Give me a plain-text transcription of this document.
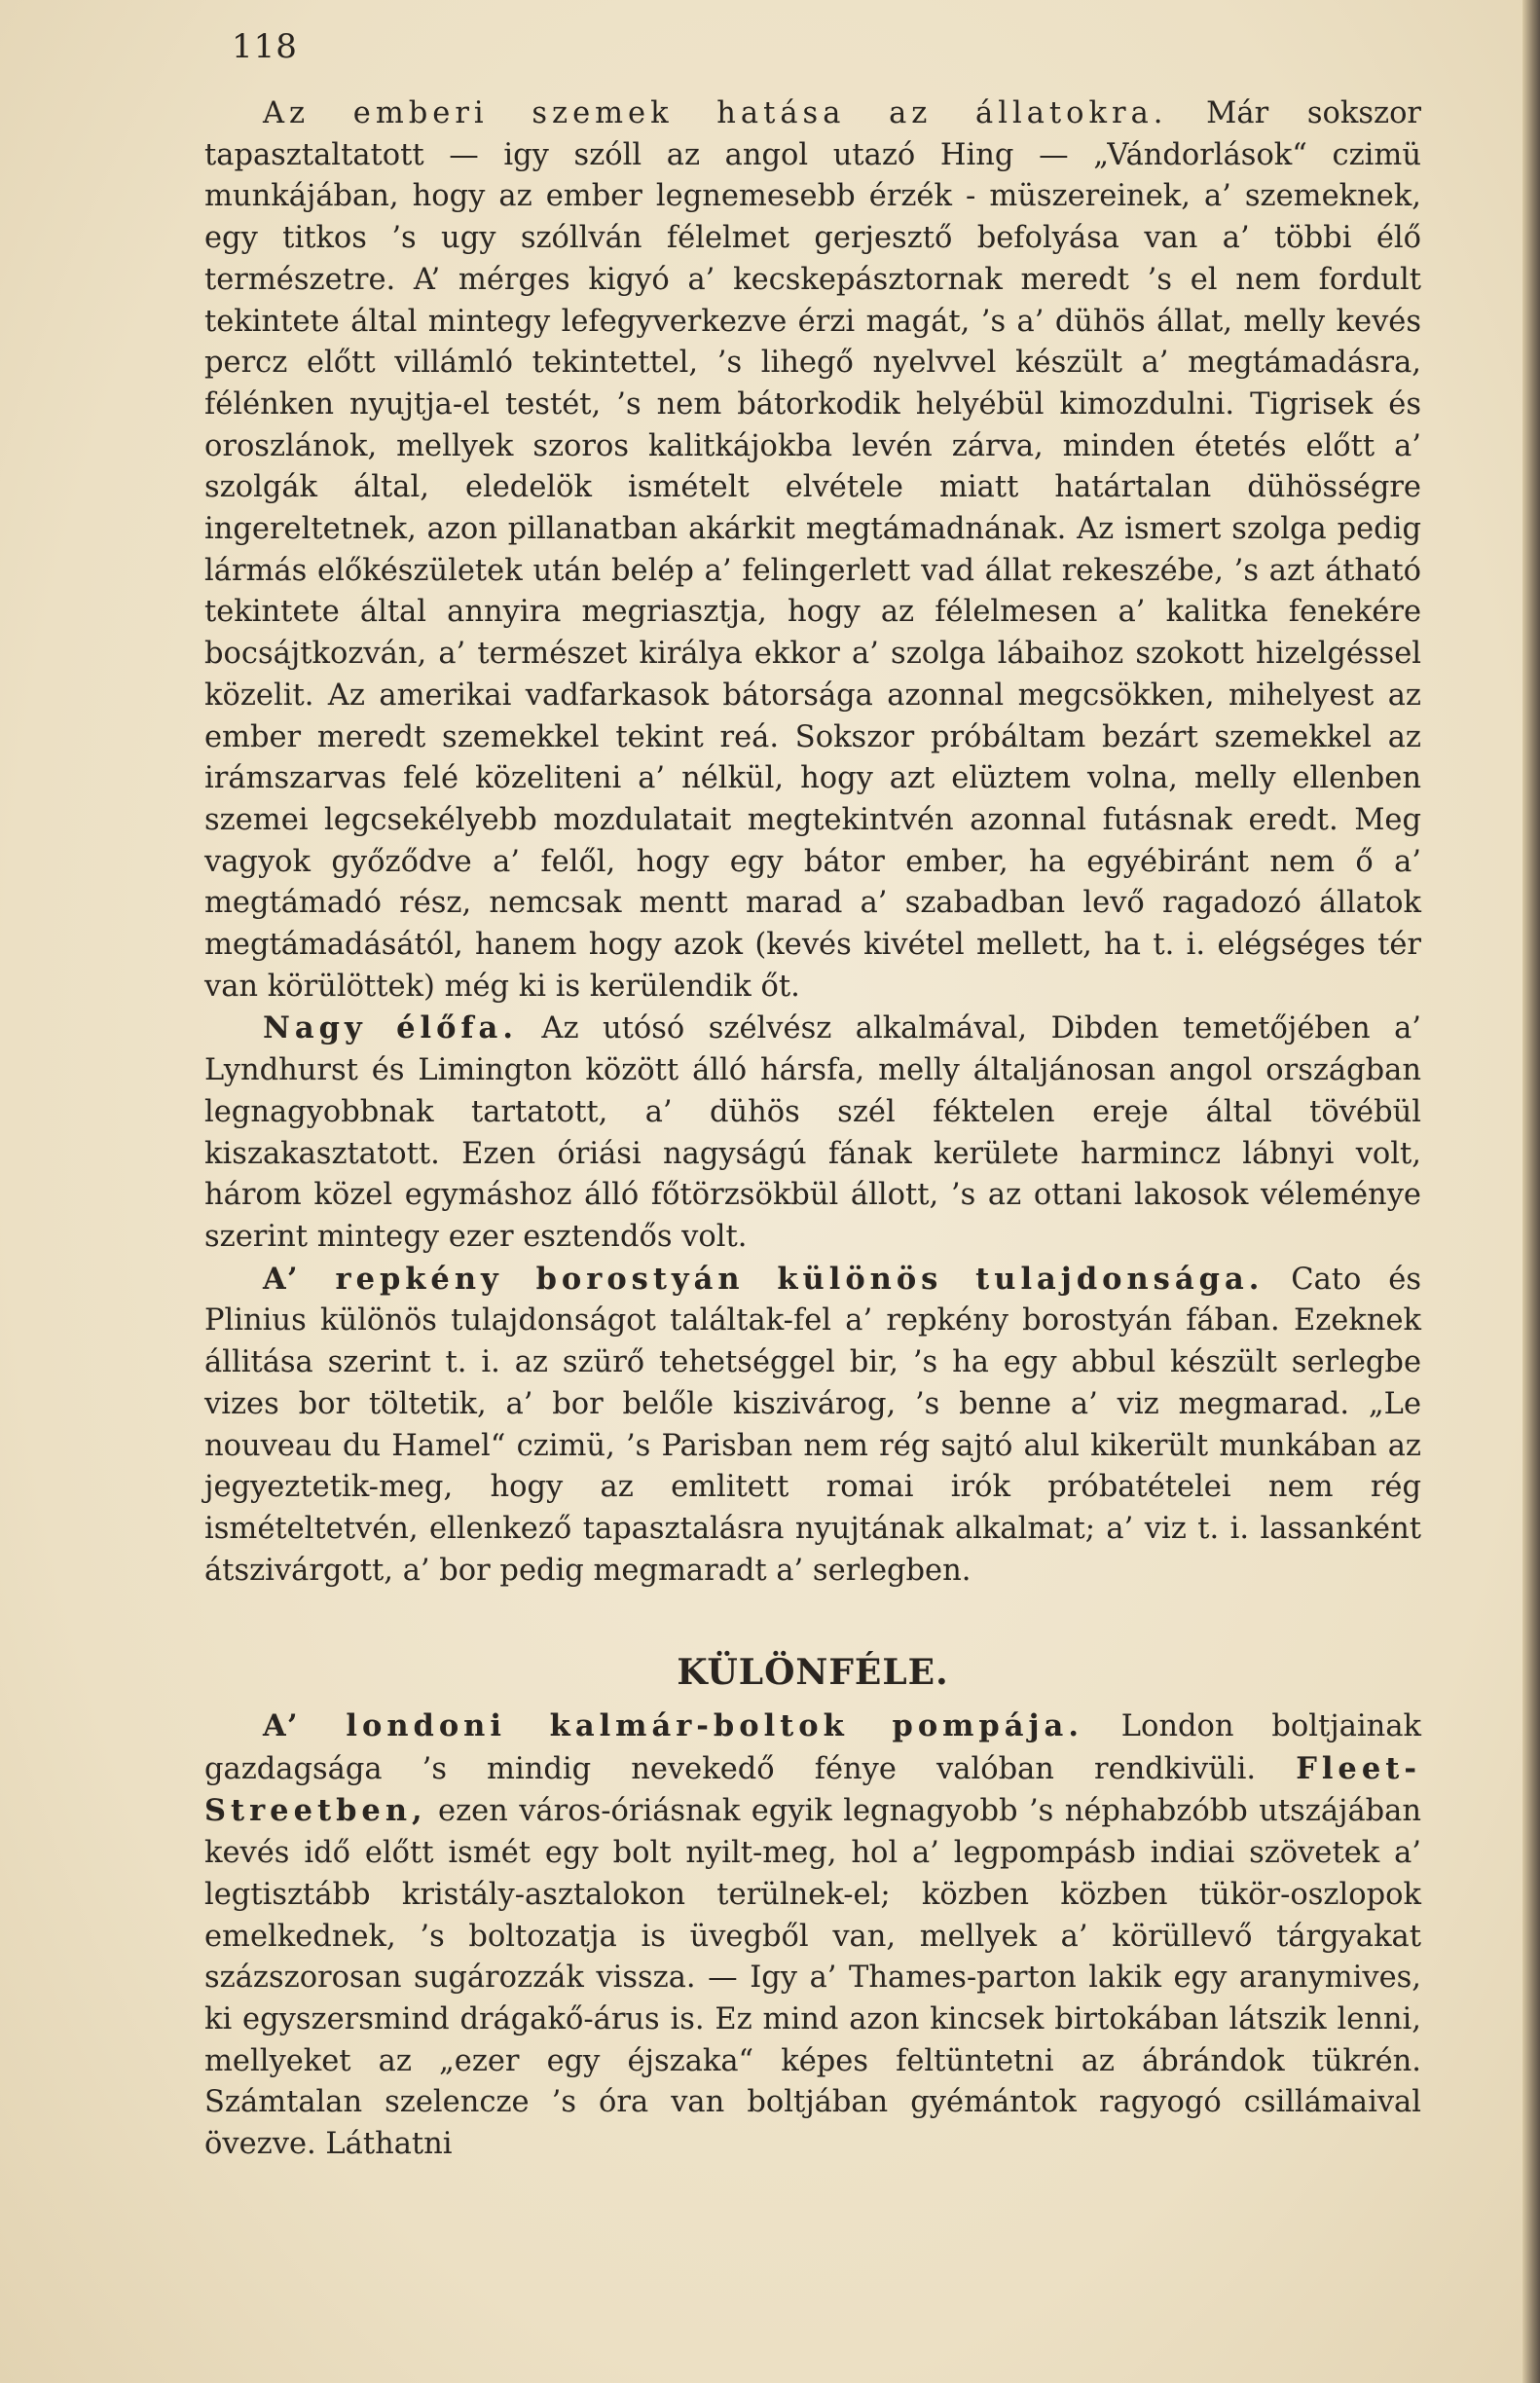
118

Az emberi szemek hatása az állatokra. Már sokszor tapasztaltatott — igy szóll az angol utazó Hing — „Vándorlások“ czimü munkájában, hogy az ember legnemesebb érzék - müszereinek, a’ szemeknek, egy titkos ’s ugy szóllván félelmet gerjesztő befolyása van a’ többi élő természetre. A’ mérges kigyó a’ kecskepásztornak meredt ’s el nem fordult tekintete által mintegy lefegyverkezve érzi magát, ’s a’ dühös állat, melly kevés percz előtt villámló tekintettel, ’s lihegő nyelvvel készült a’ megtámadásra, félénken nyujtja-el testét, ’s nem bátorkodik helyébül kimozdulni. Tigrisek és oroszlánok, mellyek szoros kalitkájokba levén zárva, minden étetés előtt a’ szolgák által, eledelök ismételt elvétele miatt határtalan dühösségre ingereltetnek, azon pillanatban akárkit megtámadnának. Az ismert szolga pedig lármás előkészületek után belép a’ felingerlett vad állat rekeszébe, ’s azt átható tekintete által annyira megriasztja, hogy az félelmesen a’ kalitka fenekére bocsájtkozván, a’ természet királya ekkor a’ szolga lábaihoz szokott hizelgéssel közelit. Az amerikai vadfarkasok bátorsága azonnal megcsökken, mihelyest az ember meredt szemekkel tekint reá. Sokszor próbáltam bezárt szemekkel az irámszarvas felé közeliteni a’ nélkül, hogy azt elüztem volna, melly ellenben szemei legcsekélyebb mozdulatait megtekintvén azonnal futásnak eredt. Meg vagyok győződve a’ felől, hogy egy bátor ember, ha egyébiránt nem ő a’ megtámadó rész, nemcsak mentt marad a’ szabadban levő ragadozó állatok megtámadásától, hanem hogy azok (kevés kivétel mellett, ha t. i. elégséges tér van körülöttek) még ki is kerülendik őt.

Nagy élőfa. Az utósó szélvész alkalmával, Dibden temetőjében a’ Lyndhurst és Limington között álló hársfa, melly általjánosan angol országban legnagyobbnak tartatott, a’ dühös szél féktelen ereje által tövébül kiszakasztatott. Ezen óriási nagyságú fának kerülete harmincz lábnyi volt, három közel egymáshoz álló főtörzsökbül állott, ’s az ottani lakosok véleménye szerint mintegy ezer esztendős volt.

A’ repkény borostyán különös tulajdonsága. Cato és Plinius különös tulajdonságot találtak-fel a’ repkény borostyán fában. Ezeknek állitása szerint t. i. az szürő tehetséggel bir, ’s ha egy abbul készült serlegbe vizes bor töltetik, a’ bor belőle kiszivárog, ’s benne a’ viz megmarad. „Le nouveau du Hamel“ czimü, ’s Parisban nem rég sajtó alul kikerült munkában az jegyeztetik-meg, hogy az emlitett romai irók próbatételei nem rég ismételtetvén, ellenkező tapasztalásra nyujtának alkalmat; a’ viz t. i. lassanként átszivárgott, a’ bor pedig megmaradt a’ serlegben.

KÜLÖNFÉLE.

A’ londoni kalmár-boltok pompája. London boltjainak gazdagsága ’s mindig nevekedő fénye valóban rendkivüli. Fleet-Streetben, ezen város-óriásnak egyik legnagyobb ’s néphabzóbb utszájában kevés idő előtt ismét egy bolt nyilt-meg, hol a’ legpompásb indiai szövetek a’ legtisztább kristály-asztalokon terülnek-el; közben közben tükör-oszlopok emelkednek, ’s boltozatja is üvegből van, mellyek a’ körüllevő tárgyakat százszorosan sugározzák vissza. — Igy a’ Thames-parton lakik egy aranymives, ki egyszersmind drágakő-árus is. Ez mind azon kincsek birtokában látszik lenni, mellyeket az „ezer egy éjszaka“ képes feltüntetni az ábrándok tükrén. Számtalan szelencze ’s óra van boltjában gyémántok ragyogó csillámaival övezve. Láthatni
